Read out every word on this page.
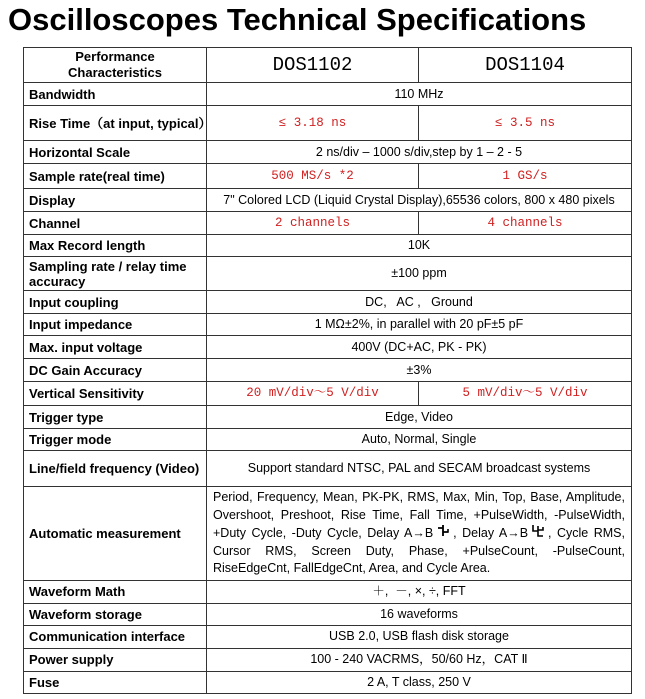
Oscilloscopes Technical Specifications
Performance Characteristics	DOS1102	DOS1104
Bandwidth	110 MHz	
Rise Time（at input, typical）	≤ 3.18 ns	≤ 3.5 ns
Horizontal Scale	2 ns/div – 1000 s/div,step by 1 – 2 - 5	
Sample rate(real time)	500 MS/s *2	1 GS/s
Display	7" Colored LCD (Liquid Crystal Display),65536 colors, 800 x 480 pixels	
Channel	2 channels	4 channels
Max Record length	10K	
Sampling rate / relay time accuracy	±100 ppm	
Input coupling	DC,   AC ,   Ground	
Input impedance	1 MΩ±2%, in parallel with 20 pF±5 pF	
Max. input voltage	400V (DC+AC, PK - PK)	
DC Gain Accuracy	±3%	
Vertical Sensitivity	20 mV/div～5 V/div	5 mV/div～5 V/div
Trigger type	Edge, Video	
Trigger mode	Auto, Normal, Single	
Line/field frequency (Video)	Support standard NTSC, PAL and SECAM broadcast systems	
Automatic measurement	Period, Frequency, Mean, PK-PK, RMS, Max, Min, Top, Base, Amplitude, Overshoot, Preshoot, Rise Time, Fall Time, +PulseWidth, -PulseWidth, +Duty Cycle, -Duty Cycle, Delay A→B , Delay A→B , Cycle RMS, Cursor RMS, Screen Duty, Phase, +PulseCount, -PulseCount, RiseEdgeCnt, FallEdgeCnt, Area, and Cycle Area.	
Waveform Math	＋,  －, ×, ÷, FFT	
Waveform storage	16 waveforms	
Communication interface	USB 2.0, USB flash disk storage	
Power supply	100 - 240 VACRMS，50/60 Hz，CAT Ⅱ	
Fuse	2 A, T class, 250 V	
